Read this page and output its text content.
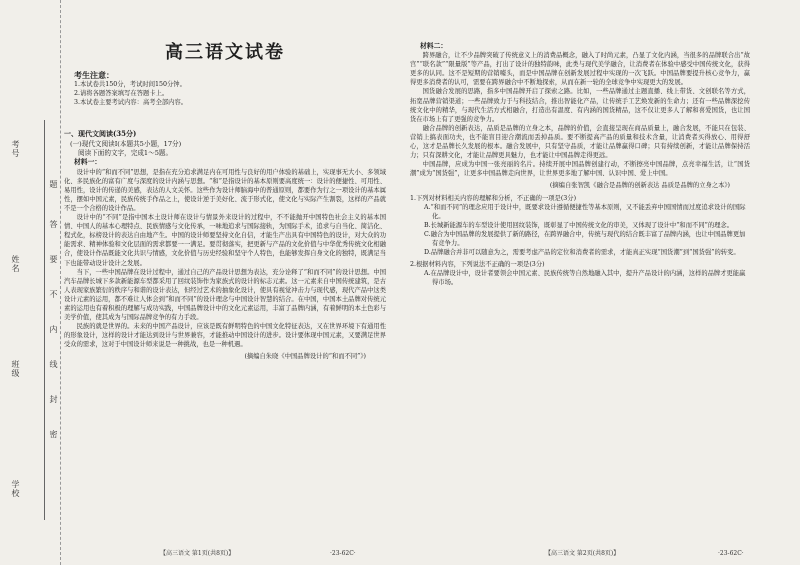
学校
班级
姓名
考号
题
答
要
不
内
线
封
密
高三语文试卷
考生注意：
1.本试卷共150分，考试时间150分钟。
2.请将各题答案填写在答题卡上。
3.本试卷主要考试内容：高考全部内容。
一、现代文阅读(35分)
(一)现代文阅读Ⅰ(本题共5小题，17分)
阅读下面的文字，完成1～5题。
材料一：

设计中的“和而不同”思想，是指在充分追求满足内在可用性与良好的用户体验的基础上，实现事无大小、多领域化、多民族化的富有广度与深度的设计内涵与思想。“和”是指设计的基本原则要高度统一：设计的便捷性、可用性、易用性，设计的传递的美感，表达的人文关怀。这些作为设计师脑海中的普通原则，都要作为行之一项设计的基本属性，摆如中国元素，民族传统手作品之上，使设计逆于美好化、流于形式化，使文化与实际产生割裂，这样的产品就不是一个合格的设计作品。

设计中的“不同”是指中国本土设计师在设计与情景外来设计的过程中，不不能抛开中国特色社会主义的基本国情、中国人的基本心理特点、民族情感与文化传承，一味地追求与国际接轨，为国际手术，追求与自当化、简洁化、程式化，标榜设计的表达自由地产生。中国的设计师要坚持文化自信，才能生产出具有中国特色的设计，对大众的功能需求、精神体验和文化层面的需求都要一一满足。要贯彻落实，把更新与产品的文化价值与中华优秀传统文化相融合，使设计作品既能文化共识与情感，文化价值与历史经验和坚守个人特色，也能够发挥自身文化的独特，既满足当下也能带动设计设计之发展。

当下，一些中国品牌在设计过程中，通过自己的产品设计思想为表达，充分诠释了“和而不同”的设计思想。中国汽车品牌长城下多款新能源车型都采用了回纹装饰作为家族式的设计的标志元素。这一元素来自中国传统建筑，是古人表现家族繁衍的秩序与和谐的设计表达，但经过艺术的抽象化设计，使具有视觉冲击力与现代感，现代产品中这类设计元素的运用，都不难让人体会到“和而不同”的设计理念与中国设计智慧的结合。在中国，中国本土品牌对传统元素的运用也有着积极的理解与成功实践，中国品牌设计中的文化元素运用，丰富了品牌内涵，有着鲜明的本土色彩与美学价值，使其成为与国际品牌竞争的有力手段。

民族的就是世界的。未来的中国产品设计，应该是既有鲜明特色的中国文化特征表达，又在世界环境下有通用性的形象设计，这样的设计才能达到设计与世界兼容，才能推动中国设计的进步。设计要体现中国元素，又要满足世界受众的需求，这对于中国设计师来说是一种挑战，也是一种机遇。

(摘编自朱晓《中国品牌设计的“和而不同”》)
材料二：

跨界融合，让不少品牌突破了传统意义上的消费品概念，融入了时尚元素，凸显了文化内涵，当很多的品牌联合出“故宫”“联名款”“限量版”等产品，打出了设计的独特韵味，此类与现代美学融合，让消费者在体验中感受中国传统文化，获得更多的认同。这不是短期的营销噱头，而是中国品牌在创新发展过程中实现的一次飞跃。中国品牌要提升核心竞争力，赢得更多消费者的认可，需要在跨界融合中不断地探索，从而在新一轮的全球竞争中实现更大的发展。

国货融合发展的思路，指多中国品牌开启了探索之路。比如，一些品牌通过主题直播、线上带货、文创联名等方式，拓宽品牌营销渠道；一些品牌致力于与科技结合，推出智能化产品，让传统手工艺焕发新的生命力；还有一些品牌深挖传统文化中的精华，与现代生活方式相融合，打造出有温度、有内涵的国货精品，这不仅让更多人了解和喜爱国货，也让国货在市场上有了更强的竞争力。

融合品牌的创新表达，品质是品牌的立身之本，品牌的价值，会直接呈现在商品质量上，融合发展，不能只在包装、营销上搞表面功夫，也不能盲目迎合潮流而丢掉品质。要不断提高产品的质量和技术含量，让消费者买得放心、用得舒心，这才是品牌长久发展的根本。融合发展中，只有坚守品质，才能让品牌赢得口碑；只有持续创新，才能让品牌保持活力；只有深耕文化，才能让品牌更具魅力，也才能让中国品牌走得更远。

中国品牌，应成为中国一张亮丽的名片。持续开展中国品牌创建行动，不断擦亮中国品牌，点亮幸福生活，让“国货潮”成为“国货强”，让更多中国品牌走向世界，让世界更多地了解中国、认识中国、爱上中国。

(摘编自张智凯《融合是品牌的创新表达 品质是品牌的立身之本》)
1.下列对材料相关内容的理解和分析，不正确的一项是(3分)
A.“和而不同”的理念应用于设计中，既要求设计遵循便捷性等基本原则，又不能丢弃中国国情而过度追求设计的国际化。
B.长城新能源车的车型设计使用回纹装饰，既彰显了中国传统文化的审美，又体现了设计中“和而不同”的理念。
C.融合为中国品牌的发展提供了新的路径，在跨界融合中，传统与现代的结合既丰富了品牌内涵，也让中国品牌更加有竞争力。
D.品牌融合并非可以随意为之，需要考虑产品的定位和消费者的需求，才能真正实现“国货潮”到“国货强”的转变。
2.根据材料内容，下列说法不正确的一项是(3分)
A.在品牌设计中，设计者要领会中国元素、民族传统等自然地融入其中，提升产品设计的内涵，这样的品牌才更能赢得市场。
【高三语文 第1页(共8页)】	·23-62C·	【高三语文 第2页(共8页)】	·23-62C·
